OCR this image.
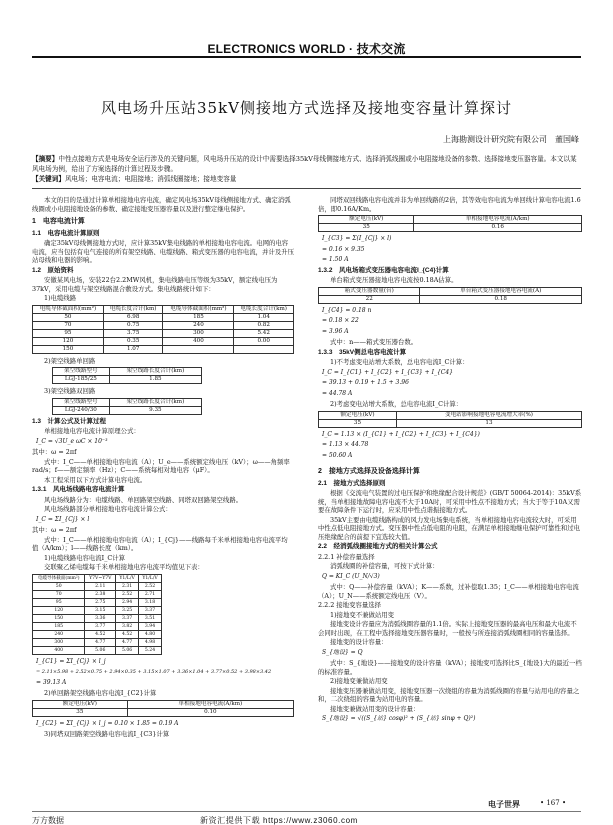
ELECTRONICS WORLD · 技术交流
风电场升压站35kV侧接地方式选择及接地变容量计算探讨
上海勘测设计研究院有限公司　董国峰
【摘要】中性点接地方式是电场安全运行涉及的关键问题，风电场升压站的设计中需要选择35kV母线侧接地方式、选择消弧线圈或小电阻接地设备的参数、选择接地变压器容量。本文以某风电场为例，给出了方案选择的计算过程及步骤。
【关键词】风电场；电容电流；电阻接地；消弧线圈接地；接地变容量

本文的目的是通过计算单相接地电容电流，确定风电场35kV母线侧接地方式、确定消弧线圈或小电阻接地设备的参数、确定接地变压器容量以及进行整定继电保护。

1　电容电流计算
1.1　电容电流计算原则

确定35kV母线侧接地方式时，应计算35kV集电线路的单相接地电容电流。电网的电容电流，应当包括有电气连接的所有架空线路、电缆线路、箱式变压器的电容电流，并计及升压站母线和电器的影响。

1.2　原始资料

安徽某风电场，安装22台2.2MW风机，集电线路电压等级为35kV，额定线电压为37kV，采用电缆与架空线路混合敷设方式。集电线路统计如下：

1)电缆线路

电缆导体截面积(mm²)	电缆长度合计(km)	电缆导体截面积(mm²)	电缆长度合计(km)
50	6.98	185	1.04
70	0.75	240	0.82
95	3.75	300	5.42
120	0.35	400	0.00
150	1.07		

2)架空线路单回路

架空线路型号	架空线路长度合计(km)
LGJ-185/25	1.85

3)架空线路双回路

架空线路型号	架空线路长度合计(km)
LGJ-240/30	9.35
1.3　计算公式及计算过程

单相接地电容电流计算原理公式：

I_C = √3U_e ωC × 10⁻³

其中：ω = 2πf

式中：I_C——单相接地电容电流（A）；U_e——系统额定线电压（kV）；ω——角频率rad/s；f——额定频率（Hz）；C——系统每相对地电容（μF）。

本工程采用以下方式计算电容电流。

1.3.1　风电场线路电容电流计算

风电场线路分为：电缆线路、单回路架空线路、同塔双回路架空线路。

风电场线路部分单相接地电容电流计算公式：

I_C = ΣI_{Cj} × l

其中：ω = 2πf

式中：I_C——单相接地电容电流（A）；I_{Cj}——线路每千米单相接地电容电流平均值（A/km）；l——线路长度（km）。

1)电缆线路电容电流I_C计算

交联聚乙烯电缆每千米单相接地电容电流平均值见下表：

电缆导体截面(mm²)	Y7V~Y7V	Y1/L/V	Y1/L/V
50	2.11	2.31	2.52
70	2.38	2.52	2.71
95	2.75	2.94	3.18
120	3.15	3.25	3.37
150	3.36	3.37	3.51
185	3.77	3.82	3.94
240	4.52	4.52	4.80
300	4.77	4.77	4.98
400	5.06	5.06	5.24
I_{C1} = ΣI_{Cj} × l_j
= 2.11×5.98 + 2.52×0.75 + 2.94×0.35 + 3.15×1.07 + 3.36×1.04 + 3.77×0.52 + 3.98×3.42
= 39.13 A

2)单回路架空线路电容电流I_{C2}计算

额定电压(kV)	单相接地电容电流(A/km)
35	0.10
I_{C2} = ΣI_{Cj} × l_j = 0.10 × 1.85 = 0.19 A

3)同塔双回路架空线路电容电流I_{C3}计算

同塔双回线路电容电流并非为单回线路的2倍，其等效电容电流为单回线计算电容电流1.6倍，即0.16A/Km。

额定电压(kV)	单相接地电容电流(A/km)
35	0.16
I_{C3} = Σ(I_{Cj} × l)
= 0.16 × 9.35
= 1.50 A
1.3.2　风电场箱式变压器电容电流I_{C4}计算

单台箱式变压器接地电容电流按0.18A估算。

箱式变压器数量(台)	单台箱式变压器接地电容电流(A)
22	0.18
I_{C4} = 0.18 n
= 0.18 × 22
= 3.96 A

式中：n——箱式变压器台数。

1.3.3　35kV侧总电容电流计算

1)不考虑变电站增大系数，总电容电流I_C计算：

I_C = I_{C1} + I_{C2} + I_{C3} + I_{C4}
= 39.13 + 0.19 + 1.5 + 3.96
= 44.78 A

2)考虑变电站增大系数，总电容电流I_C计算：

额定电压(kV)	变电站影响接地电容电流增大率(%)
35	13
I_C = 1.13 × (I_{C1} + I_{C2} + I_{C3} + I_{C4})
= 1.13 × 44.78
= 50.60 A
2　接地方式选择及设备选择计算
2.1　接地方式选择原则

根据《交流电气装置的过电压保护和绝缘配合设计规范》(GB/T 50064-2014)：35kV系统，当单相接地故障电容电流不大于10A时，可采用中性点不接地方式；当大于等于10A又需要在故障条件下运行时，应采用中性点谐振接地方式。

35kV主要由电缆线路构成的风力发电场集电系统，当单相接地电容电流较大时，可采用中性点低电阻接地方式。变压器中性点低电阻的电阻，在满足单相接地继电保护可靠性和过电压绝缘配合的前提下宜选较大值。

2.2　经消弧线圈接地方式的相关计算公式

2.2.1 补偿容量选择

消弧线圈的补偿容量，可按下式计算：

Q = KI_C (U_N/√3)

式中：Q——补偿容量（kVA）；K——系数，过补偿取1.35；I_C——单相接地电容电流（A）；U_N——系统额定线电压（V）。

2.2.2 接地变容量选择

1)接地变不兼做站用变

接地变设计容量应为消弧线圈容量的1.1倍。实际上接地变压器的最高电压和最大电流不会同时出现，在工程中选择接地变压器容量时，一般按与所连接消弧线圈相同的容量选择。

接地变的设计容量：

S_{地设} = Q

式中：S_{地设}——接地变的设计容量（kVA）；接地变可选择比S_{地设}大的最近一档的标准容量。

2)接地变兼做站用变

接地变压器兼做站用变，接地变压器一次绕组的容量为消弧线圈的容量与站用电的容量之和，二次绕组的容量为站用电的容量。

接地变兼做站用变的设计容量：

S_{地设} = √((S_{站} cosφ)² + (S_{站} sinφ + Q)²)
电子世界	• 167 •
万方数据	新资汇提供下载 https://www.z3060.com
